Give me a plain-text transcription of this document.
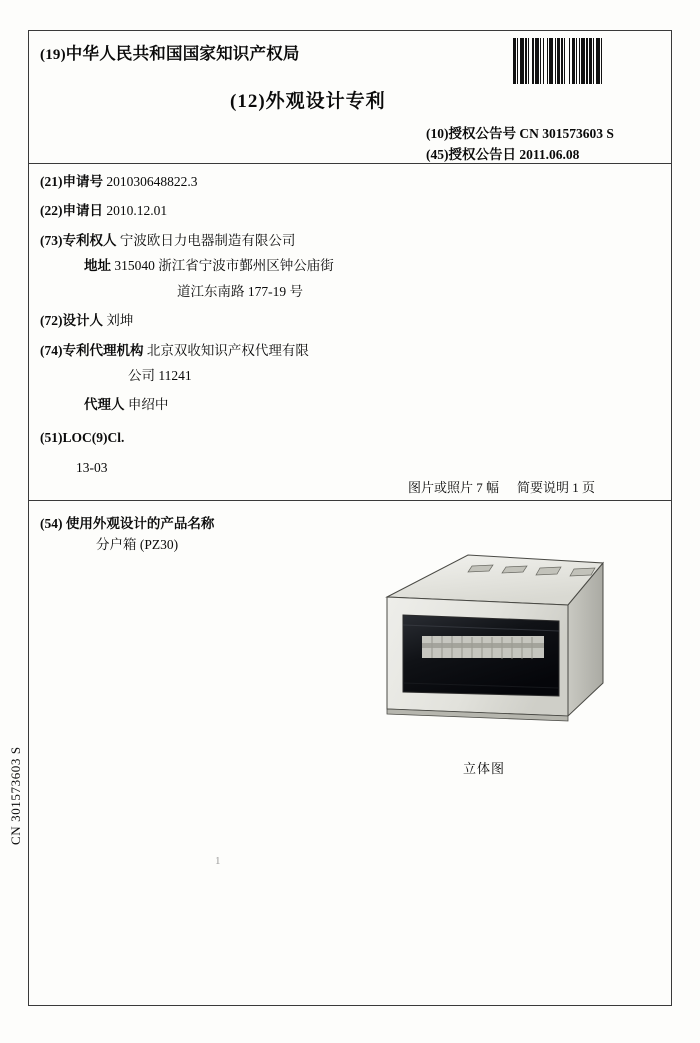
CN 301573603 S
(19)中华人民共和国国家知识产权局
(12)外观设计专利
(10)授权公告号 CN 301573603 S
(45)授权公告日 2011.06.08
(21)申请号 201030648822.3
(22)申请日 2010.12.01
(73)专利权人 宁波欧日力电器制造有限公司
地址 315040 浙江省宁波市鄞州区钟公庙街
道江东南路 177-19 号
(72)设计人 刘坤
(74)专利代理机构 北京双收知识产权代理有限
公司 11241
代理人 申绍中
(51)LOC(9)Cl.
13-03
图片或照片 7 幅 简要说明 1 页
(54) 使用外观设计的产品名称
分户箱 (PZ30)
立体图
1
